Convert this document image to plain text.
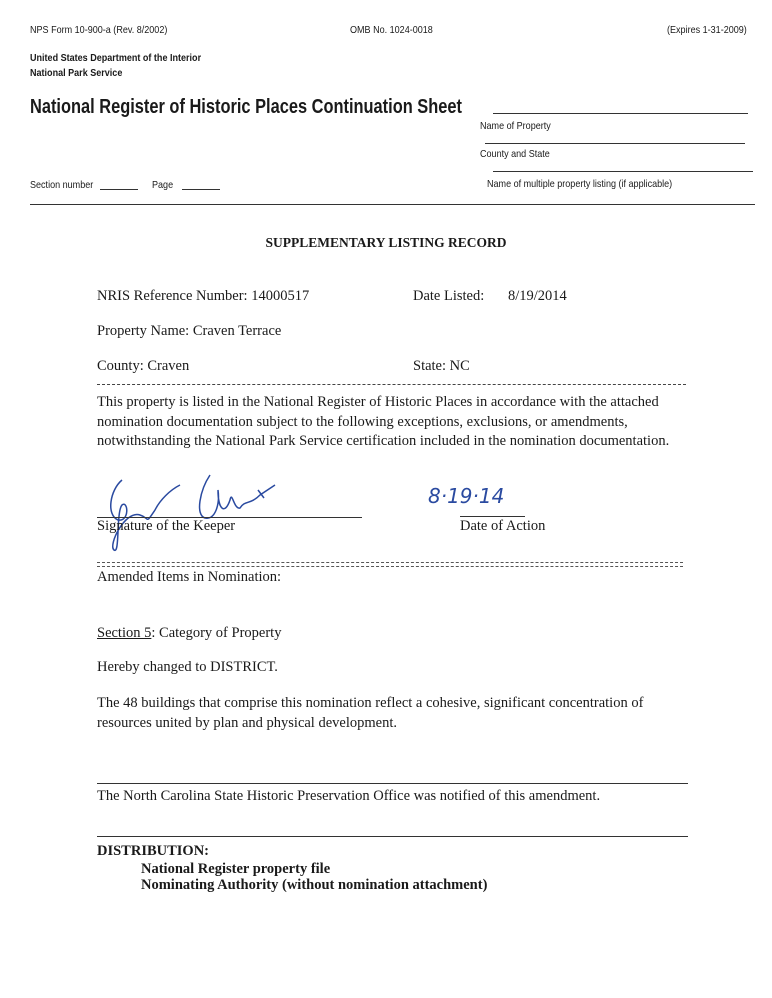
NPS Form 10-900-a (Rev. 8/2002)	OMB No. 1024-0018	(Expires 1-31-2009)
United States Department of the Interior
National Park Service
National Register of Historic Places Continuation Sheet
Name of Property
County and State
Name of multiple property listing (if applicable)
Section number	Page
SUPPLEMENTARY LISTING RECORD
NRIS Reference Number: 14000517	Date Listed: 8/19/2014
Property Name: Craven Terrace
County: Craven	State: NC
This property is listed in the National Register of Historic Places in accordance with the attached nomination documentation subject to the following exceptions, exclusions, or amendments, notwithstanding the National Park Service certification included in the nomination documentation.
Signature of the Keeper
8·19·14
Date of Action
Amended Items in Nomination:
Section 5: Category of Property
Hereby changed to DISTRICT.
The 48 buildings that comprise this nomination reflect a cohesive, significant concentration of resources united by plan and physical development.
The North Carolina State Historic Preservation Office was notified of this amendment.
DISTRIBUTION:
National Register property file
Nominating Authority (without nomination attachment)
